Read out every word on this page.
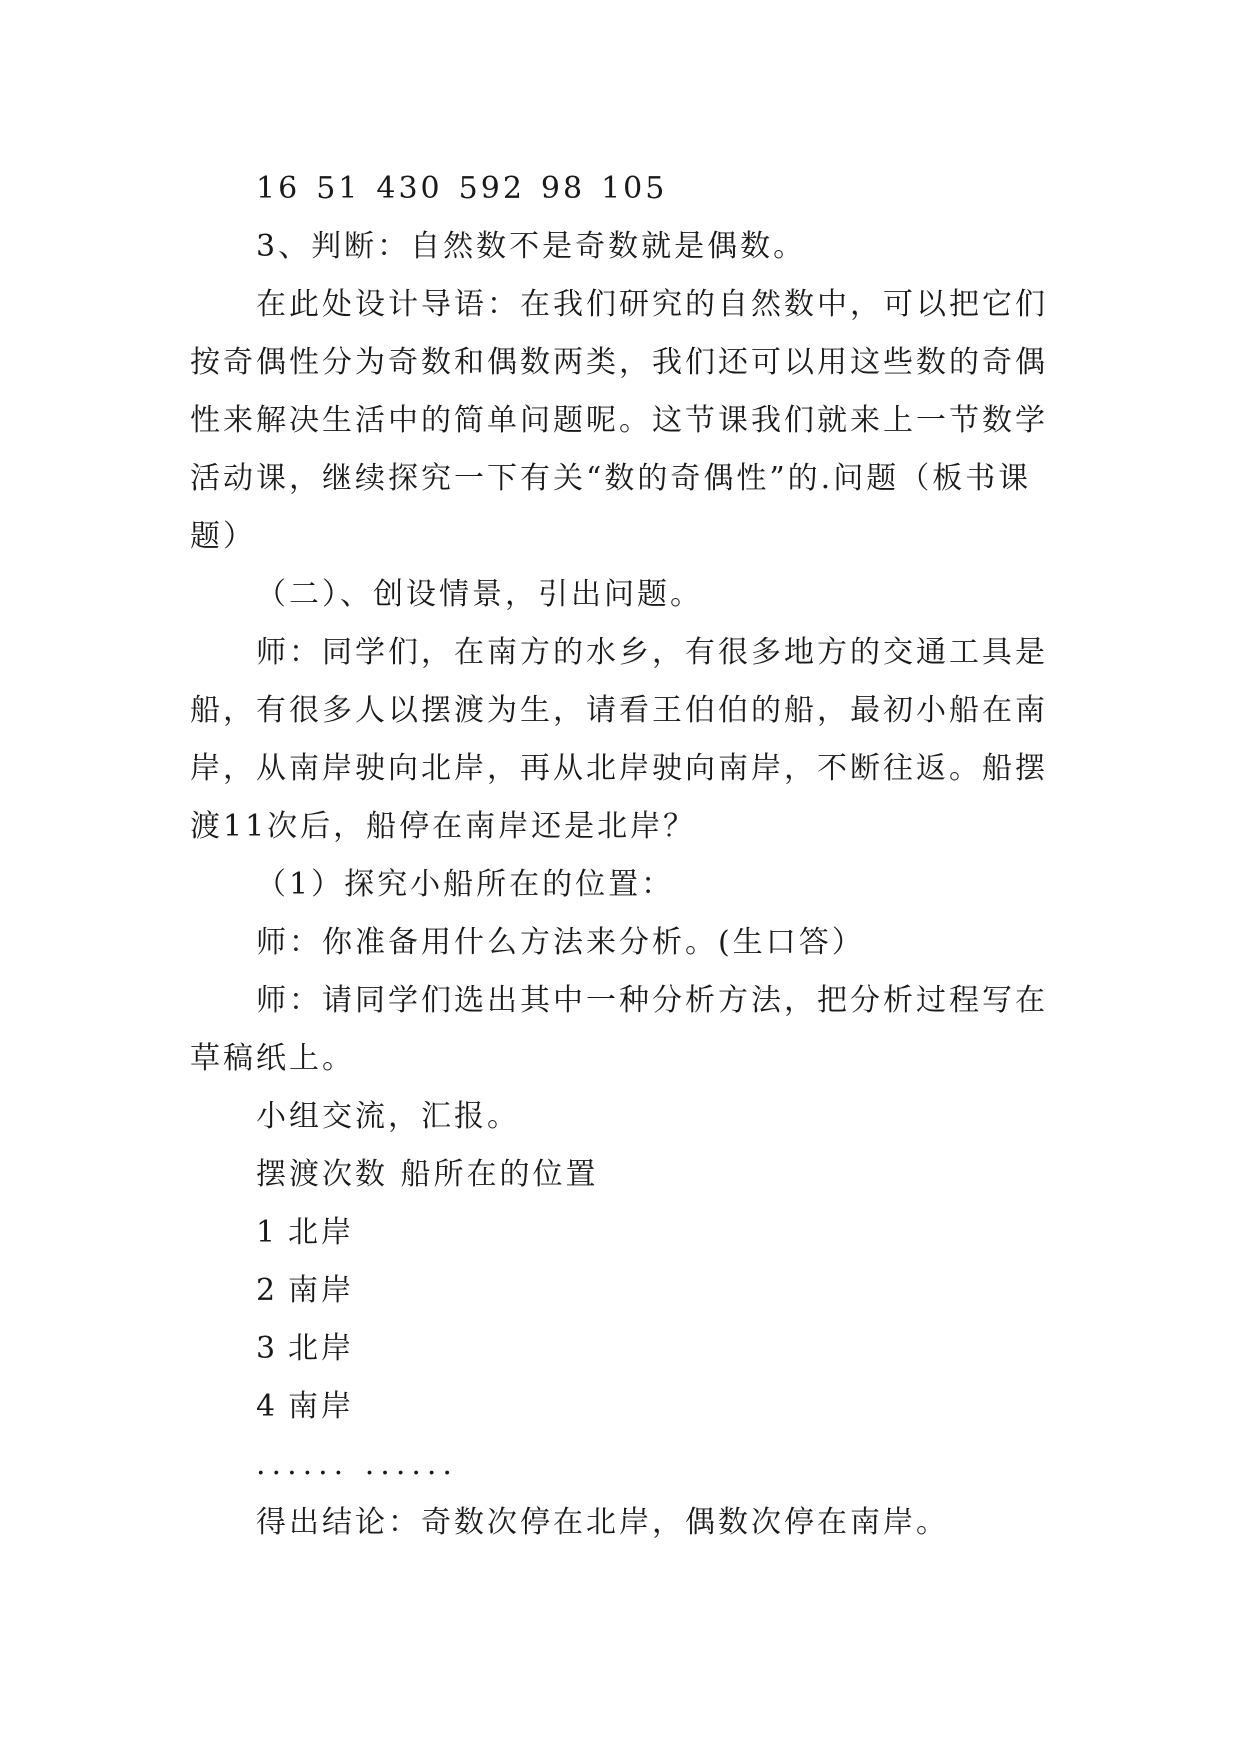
16 51 430 592 98 105

3、判断：自然数不是奇数就是偶数。

在此处设计导语：在我们研究的自然数中，可以把它们按奇偶性分为奇数和偶数两类，我们还可以用这些数的奇偶性来解决生活中的简单问题呢。这节课我们就来上一节数学活动课，继续探究一下有关“数的奇偶性”的.问题（板书课题）

（二）、创设情景，引出问题。

师：同学们，在南方的水乡，有很多地方的交通工具是船，有很多人以摆渡为生，请看王伯伯的船，最初小船在南岸，从南岸驶向北岸，再从北岸驶向南岸，不断往返。船摆渡11次后，船停在南岸还是北岸？

（1）探究小船所在的位置：

师：你准备用什么方法来分析。(生口答）

师：请同学们选出其中一种分析方法，把分析过程写在草稿纸上。

小组交流，汇报。

摆渡次数 船所在的位置

1 北岸

2 南岸

3 北岸

4 南岸

...... ......

得出结论：奇数次停在北岸，偶数次停在南岸。
